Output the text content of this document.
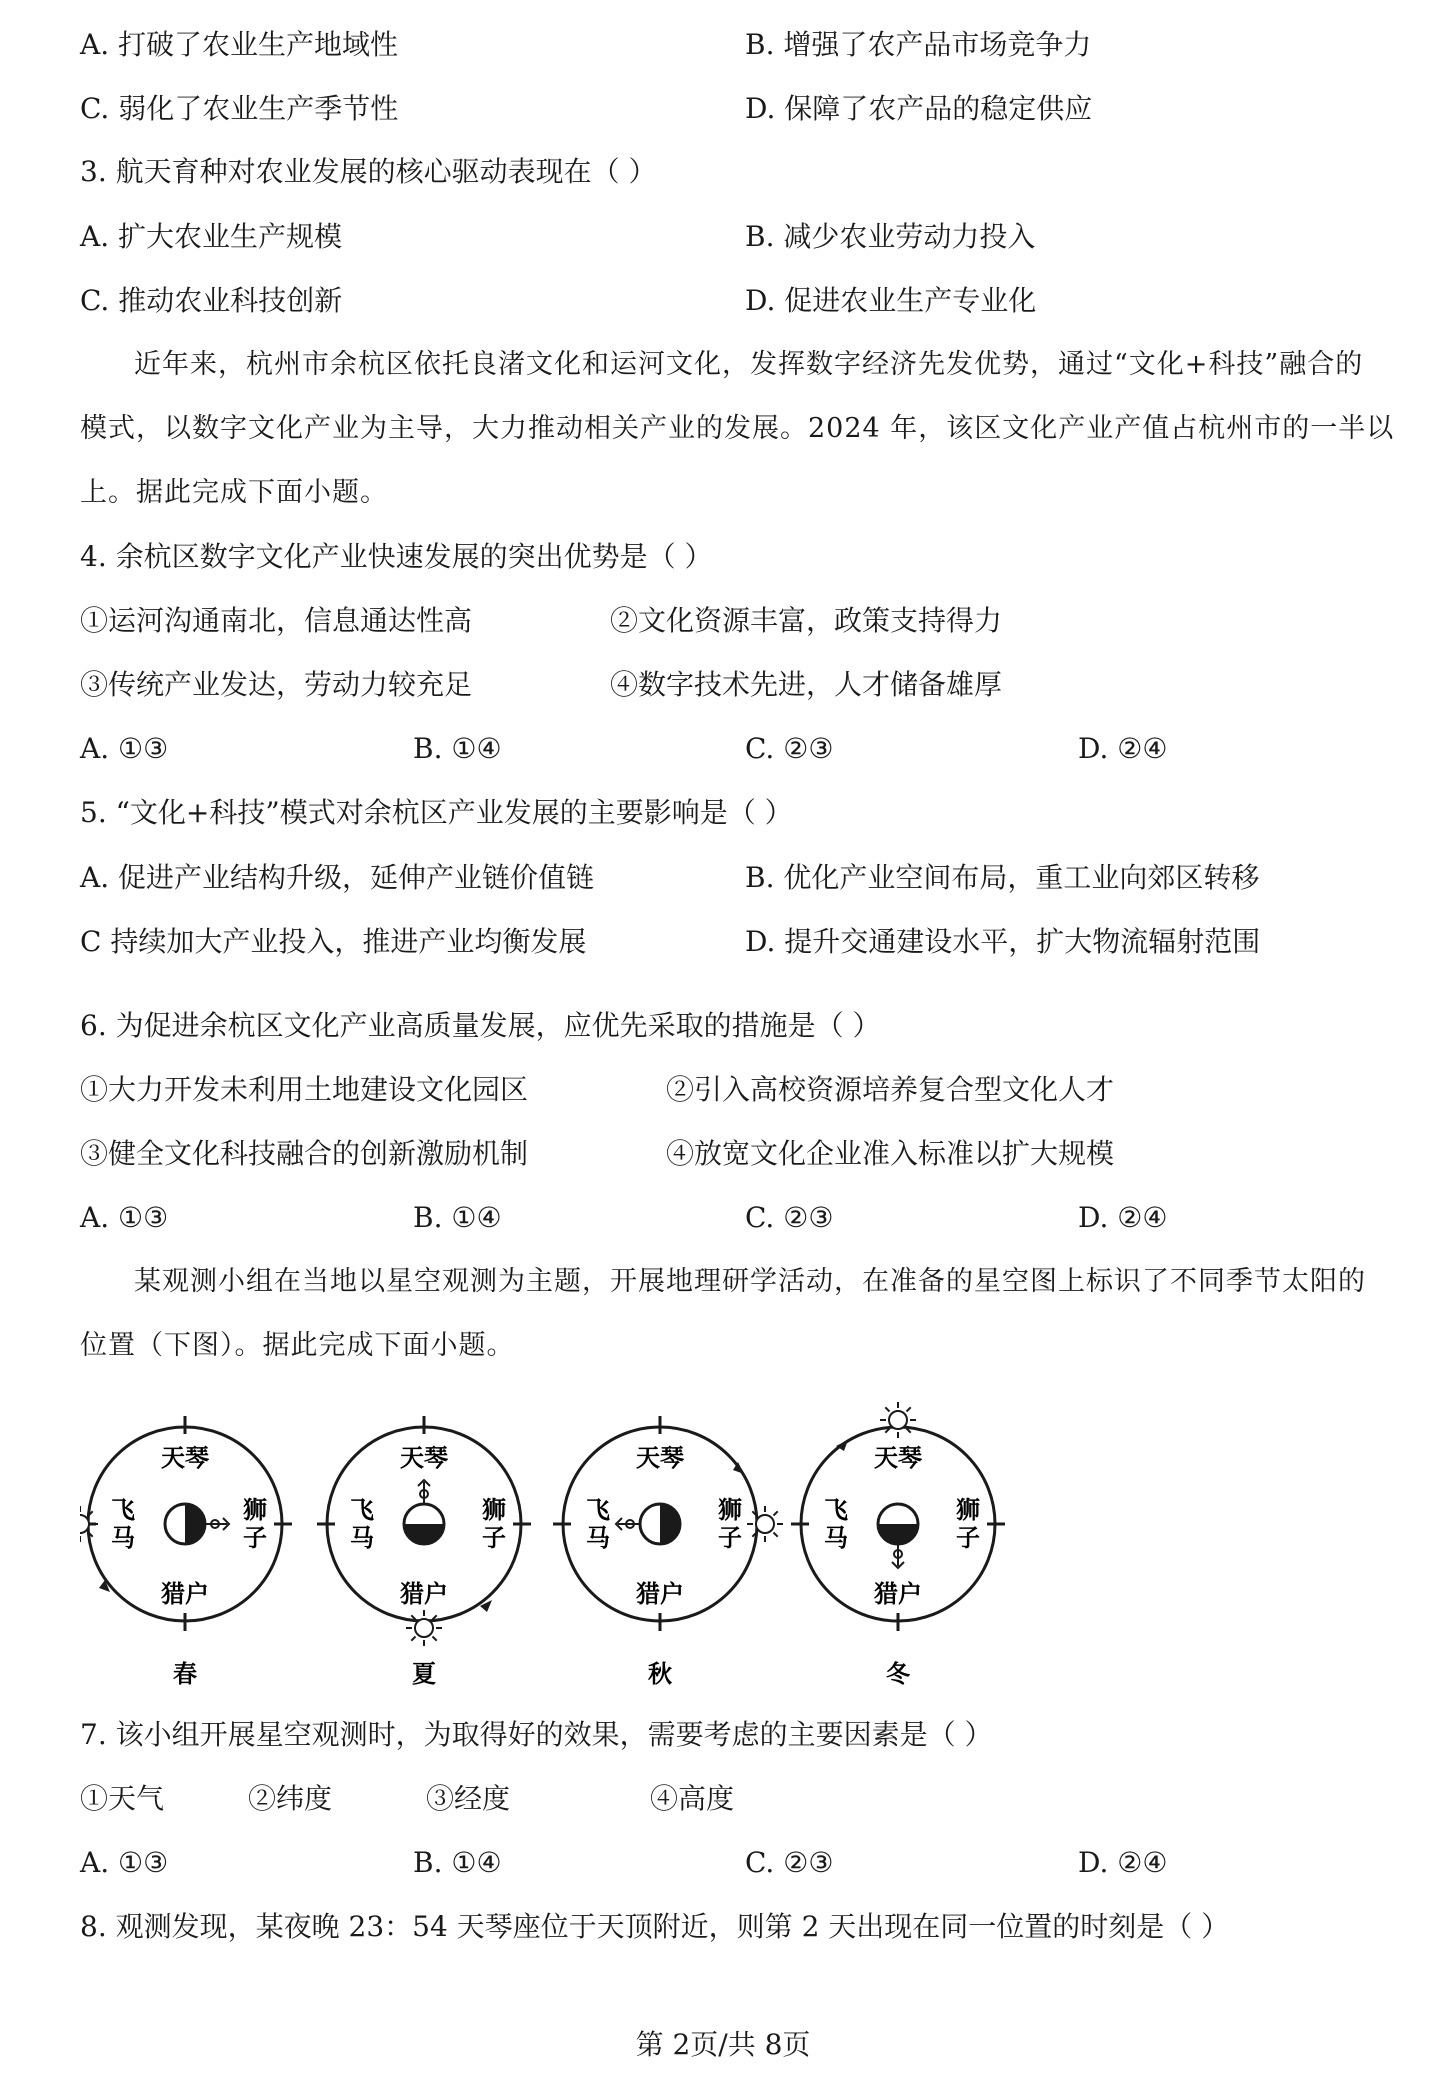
A. 打破了农业生产地域性	B. 增强了农产品市场竞争力
C. 弱化了农业生产季节性	D. 保障了农产品的稳定供应
3. 航天育种对农业发展的核心驱动表现在（ ）
A. 扩大农业生产规模	B. 减少农业劳动力投入
C. 推动农业科技创新	D. 促进农业生产专业化
近年来，杭州市余杭区依托良渚文化和运河文化，发挥数字经济先发优势，通过“文化+科技”融合的
模式，以数字文化产业为主导，大力推动相关产业的发展。2024 年，该区文化产业产值占杭州市的一半以
上。据此完成下面小题。
4. 余杭区数字文化产业快速发展的突出优势是（ ）
①运河沟通南北，信息通达性高	②文化资源丰富，政策支持得力
③传统产业发达，劳动力较充足	④数字技术先进，人才储备雄厚
A. ①③	B. ①④	C. ②③	D. ②④
5. “文化+科技”模式对余杭区产业发展的主要影响是（ ）
A. 促进产业结构升级，延伸产业链价值链	B. 优化产业空间布局，重工业向郊区转移
C 持续加大产业投入，推进产业均衡发展	D. 提升交通建设水平，扩大物流辐射范围
6. 为促进余杭区文化产业高质量发展，应优先采取的措施是（ ）
①大力开发未利用土地建设文化园区	②引入高校资源培养复合型文化人才
③健全文化科技融合的创新激励机制	④放宽文化企业准入标准以扩大规模
A. ①③	B. ①④	C. ②③	D. ②④
某观测小组在当地以星空观测为主题，开展地理研学活动，在准备的星空图上标识了不同季节太阳的
位置（下图）。据此完成下面小题。
天琴
飞
马
狮
子
猎户
春
天琴
飞
马
狮
子
猎户
夏
天琴
飞
马
狮
子
猎户
秋
天琴
飞
马
狮
子
猎户
冬
7. 该小组开展星空观测时，为取得好的效果，需要考虑的主要因素是（ ）
①天气	②纬度	③经度	④高度
A. ①③	B. ①④	C. ②③	D. ②④
8. 观测发现，某夜晚 23：54 天琴座位于天顶附近，则第 2 天出现在同一位置的时刻是（ ）
第 2页/共 8页
